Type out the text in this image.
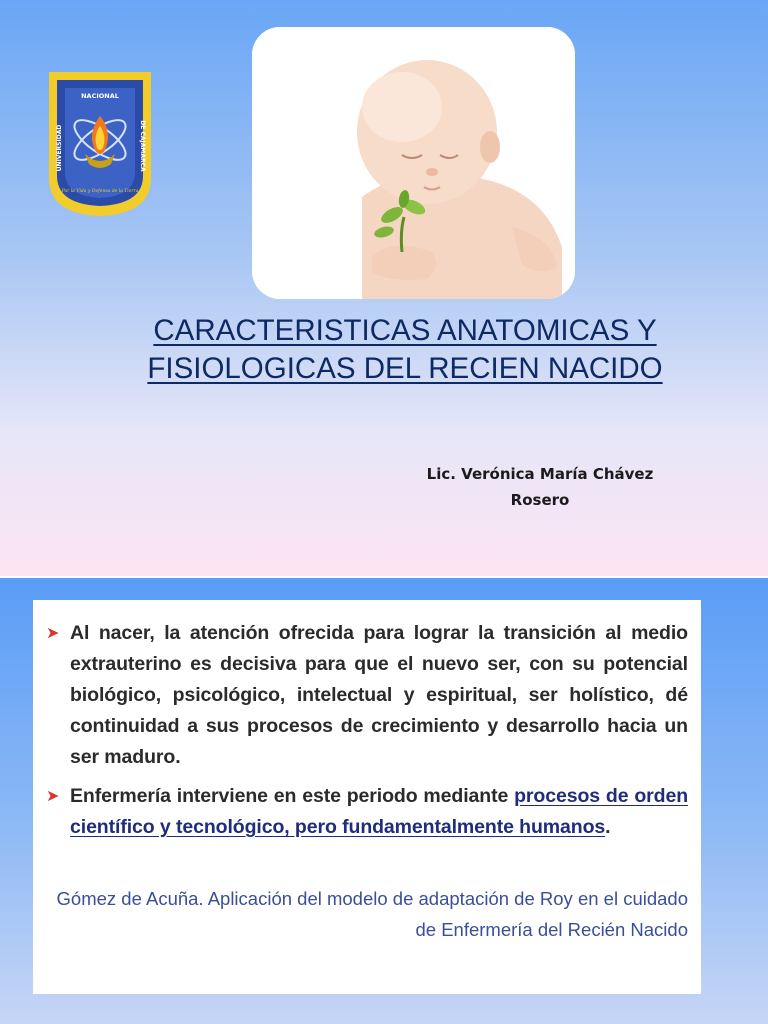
UNC
NACIONAL
UNIVERSIDAD	DE CAJAMARCA
Por la Vida y Defensa de la Tierra
CARACTERISTICAS ANATOMICAS Y
FISIOLOGICAS DEL RECIEN NACIDO
Lic. Verónica María Chávez
Rosero
➤ Al nacer, la atención ofrecida para lograr la transición al medio extrauterino es decisiva para que el nuevo ser, con su potencial biológico, psicológico, intelectual y espiritual, ser holístico, dé continuidad a sus procesos de crecimiento y desarrollo hacia un ser maduro.

➤ Enfermería interviene en este periodo mediante procesos de orden científico y tecnológico, pero fundamentalmente humanos.

Gómez de Acuña. Aplicación del modelo de adaptación de Roy en el cuidado de Enfermería del Recién Nacido
